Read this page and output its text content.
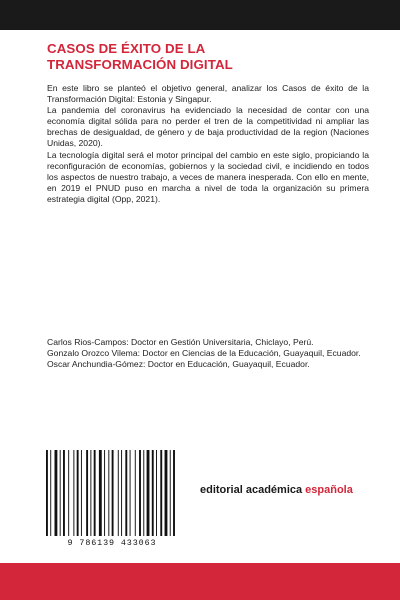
CASOS DE ÉXITO DE LA
TRANSFORMACIÓN DIGITAL

En este libro se planteó el objetivo general, analizar los Casos de éxito de la Transformación Digital: Estonia y Singapur.

La pandemia del coronavirus ha evidenciado la necesidad de contar con una economía digital sólida para no perder el tren de la competitividad ni ampliar las brechas de desigualdad, de género y de baja productividad de la region (Naciones Unidas, 2020).

La tecnología digital será el motor principal del cambio en este siglo, propiciando la reconfiguración de economías, gobiernos y la sociedad civil, e incidiendo en todos los aspectos de nuestro trabajo, a veces de manera inesperada. Con ello en mente, en 2019 el PNUD puso en marcha a nivel de toda la organización su primera estrategia digital (Opp, 2021).

Carlos Rios-Campos: Doctor en Gestión Universitaria, Chiclayo, Perú.

Gonzalo Orozco Vilema: Doctor en Ciencias de la Educación, Guayaquil, Ecuador.

Oscar Anchundia-Gómez: Doctor en Educación, Guayaquil, Ecuador.

9 786139 433063
editorial académica española
